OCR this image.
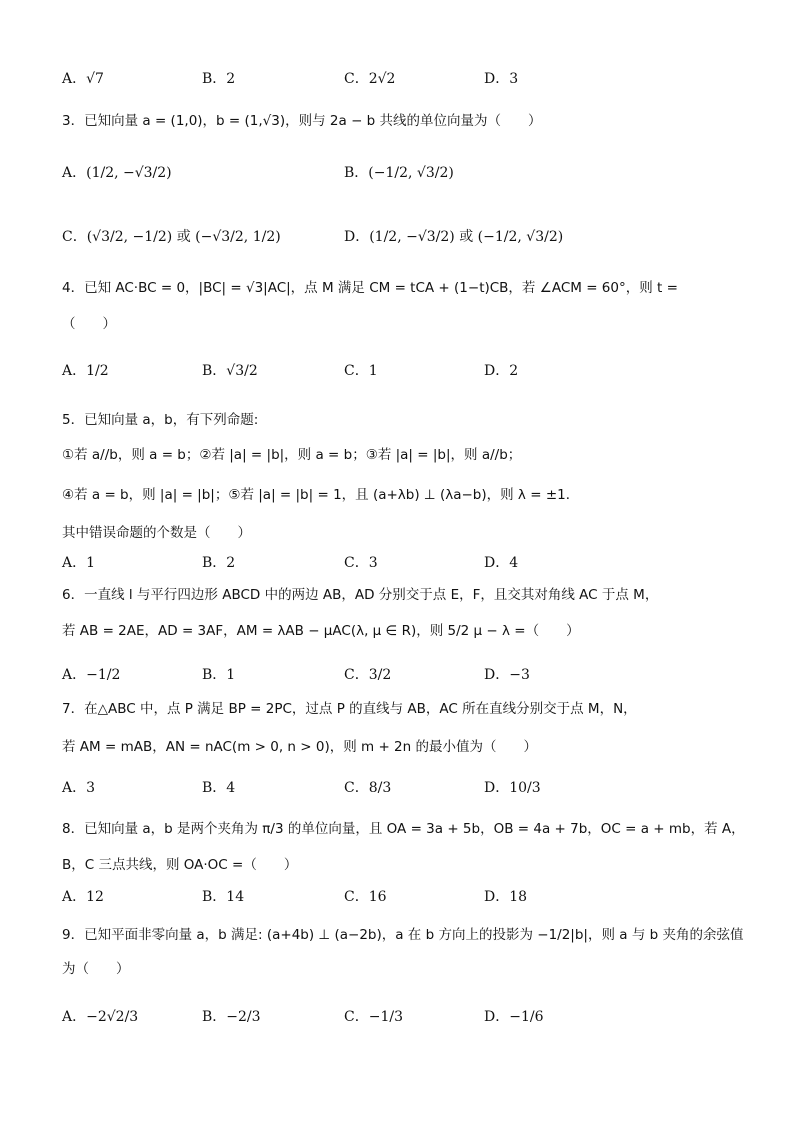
A．√7	B．2	C．2√2	D．3
3．已知向量 a = (1,0)，b = (1,√3)，则与 2a − b 共线的单位向量为（　　）
A．(1/2, −√3/2)	B．(−1/2, √3/2)
C．(√3/2, −1/2) 或 (−√3/2, 1/2)	D．(1/2, −√3/2) 或 (−1/2, √3/2)
4．已知 AC·BC = 0，|BC| = √3|AC|，点 M 满足 CM = tCA + (1−t)CB，若 ∠ACM = 60°，则 t =
（　　）
A．1/2	B．√3/2	C．1	D．2
5．已知向量 a，b，有下列命题:
①若 a//b，则 a = b；②若 |a| = |b|，则 a = b；③若 |a| = |b|，则 a//b；
④若 a = b，则 |a| = |b|；⑤若 |a| = |b| = 1，且 (a+λb) ⊥ (λa−b)，则 λ = ±1．
其中错误命题的个数是（　　）
A．1	B．2	C．3	D．4
6．一直线 l 与平行四边形 ABCD 中的两边 AB，AD 分别交于点 E，F，且交其对角线 AC 于点 M，
若 AB = 2AE，AD = 3AF，AM = λAB − μAC(λ, μ ∈ R)，则 5/2 μ − λ =（　　）
A．−1/2	B．1	C．3/2	D．−3
7．在△ABC 中，点 P 满足 BP = 2PC，过点 P 的直线与 AB，AC 所在直线分别交于点 M，N，
若 AM = mAB，AN = nAC(m > 0, n > 0)，则 m + 2n 的最小值为（　　）
A．3	B．4	C．8/3	D．10/3
8．已知向量 a，b 是两个夹角为 π/3 的单位向量，且 OA = 3a + 5b，OB = 4a + 7b，OC = a + mb，若 A，
B，C 三点共线，则 OA·OC =（　　）
A．12	B．14	C．16	D．18
9．已知平面非零向量 a，b 满足: (a+4b) ⊥ (a−2b)，a 在 b 方向上的投影为 −1/2|b|，则 a 与 b 夹角的余弦值
为（　　）
A．−2√2/3	B．−2/3	C．−1/3	D．−1/6
